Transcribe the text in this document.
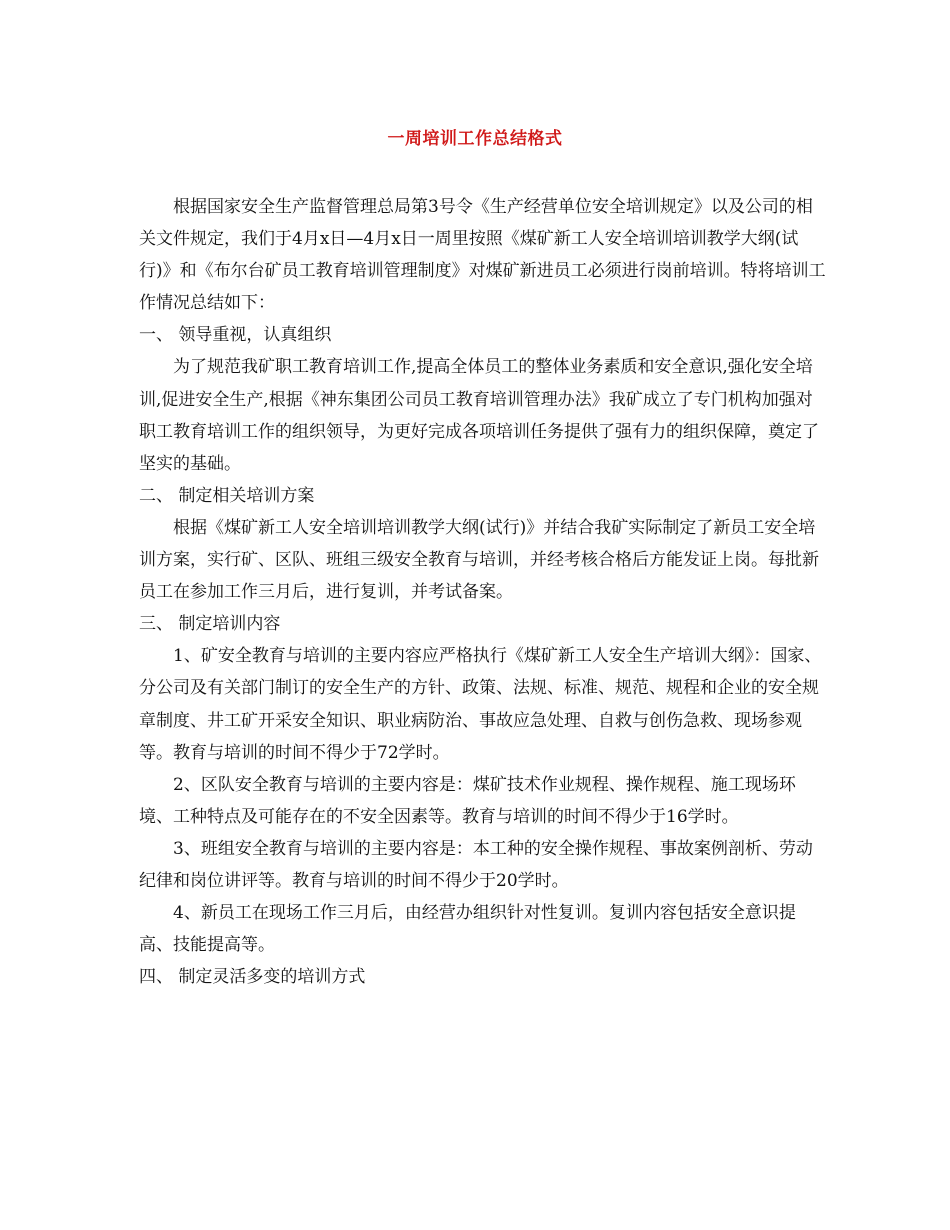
一周培训工作总结格式

根据国家安全生产监督管理总局第3号令《生产经营单位安全培训规定》以及公司的相关文件规定，我们于4月x日—4月x日一周里按照《煤矿新工人安全培训培训教学大纲(试行)》和《布尔台矿员工教育培训管理制度》对煤矿新进员工必须进行岗前培训。特将培训工作情况总结如下：

一、 领导重视，认真组织

为了规范我矿职工教育培训工作,提高全体员工的整体业务素质和安全意识,强化安全培训,促进安全生产,根据《神东集团公司员工教育培训管理办法》我矿成立了专门机构加强对职工教育培训工作的组织领导，为更好完成各项培训任务提供了强有力的组织保障，奠定了坚实的基础。

二、 制定相关培训方案

根据《煤矿新工人安全培训培训教学大纲(试行)》并结合我矿实际制定了新员工安全培训方案，实行矿、区队、班组三级安全教育与培训，并经考核合格后方能发证上岗。每批新员工在参加工作三月后，进行复训，并考试备案。

三、 制定培训内容

1、矿安全教育与培训的主要内容应严格执行《煤矿新工人安全生产培训大纲》：国家、分公司及有关部门制订的安全生产的方针、政策、法规、标准、规范、规程和企业的安全规章制度、井工矿开采安全知识、职业病防治、事故应急处理、自救与创伤急救、现场参观等。教育与培训的时间不得少于72学时。

2、区队安全教育与培训的主要内容是：煤矿技术作业规程、操作规程、施工现场环境、工种特点及可能存在的不安全因素等。教育与培训的时间不得少于16学时。

3、班组安全教育与培训的主要内容是：本工种的安全操作规程、事故案例剖析、劳动纪律和岗位讲评等。教育与培训的时间不得少于20学时。

4、新员工在现场工作三月后，由经营办组织针对性复训。复训内容包括安全意识提高、技能提高等。

四、 制定灵活多变的培训方式
